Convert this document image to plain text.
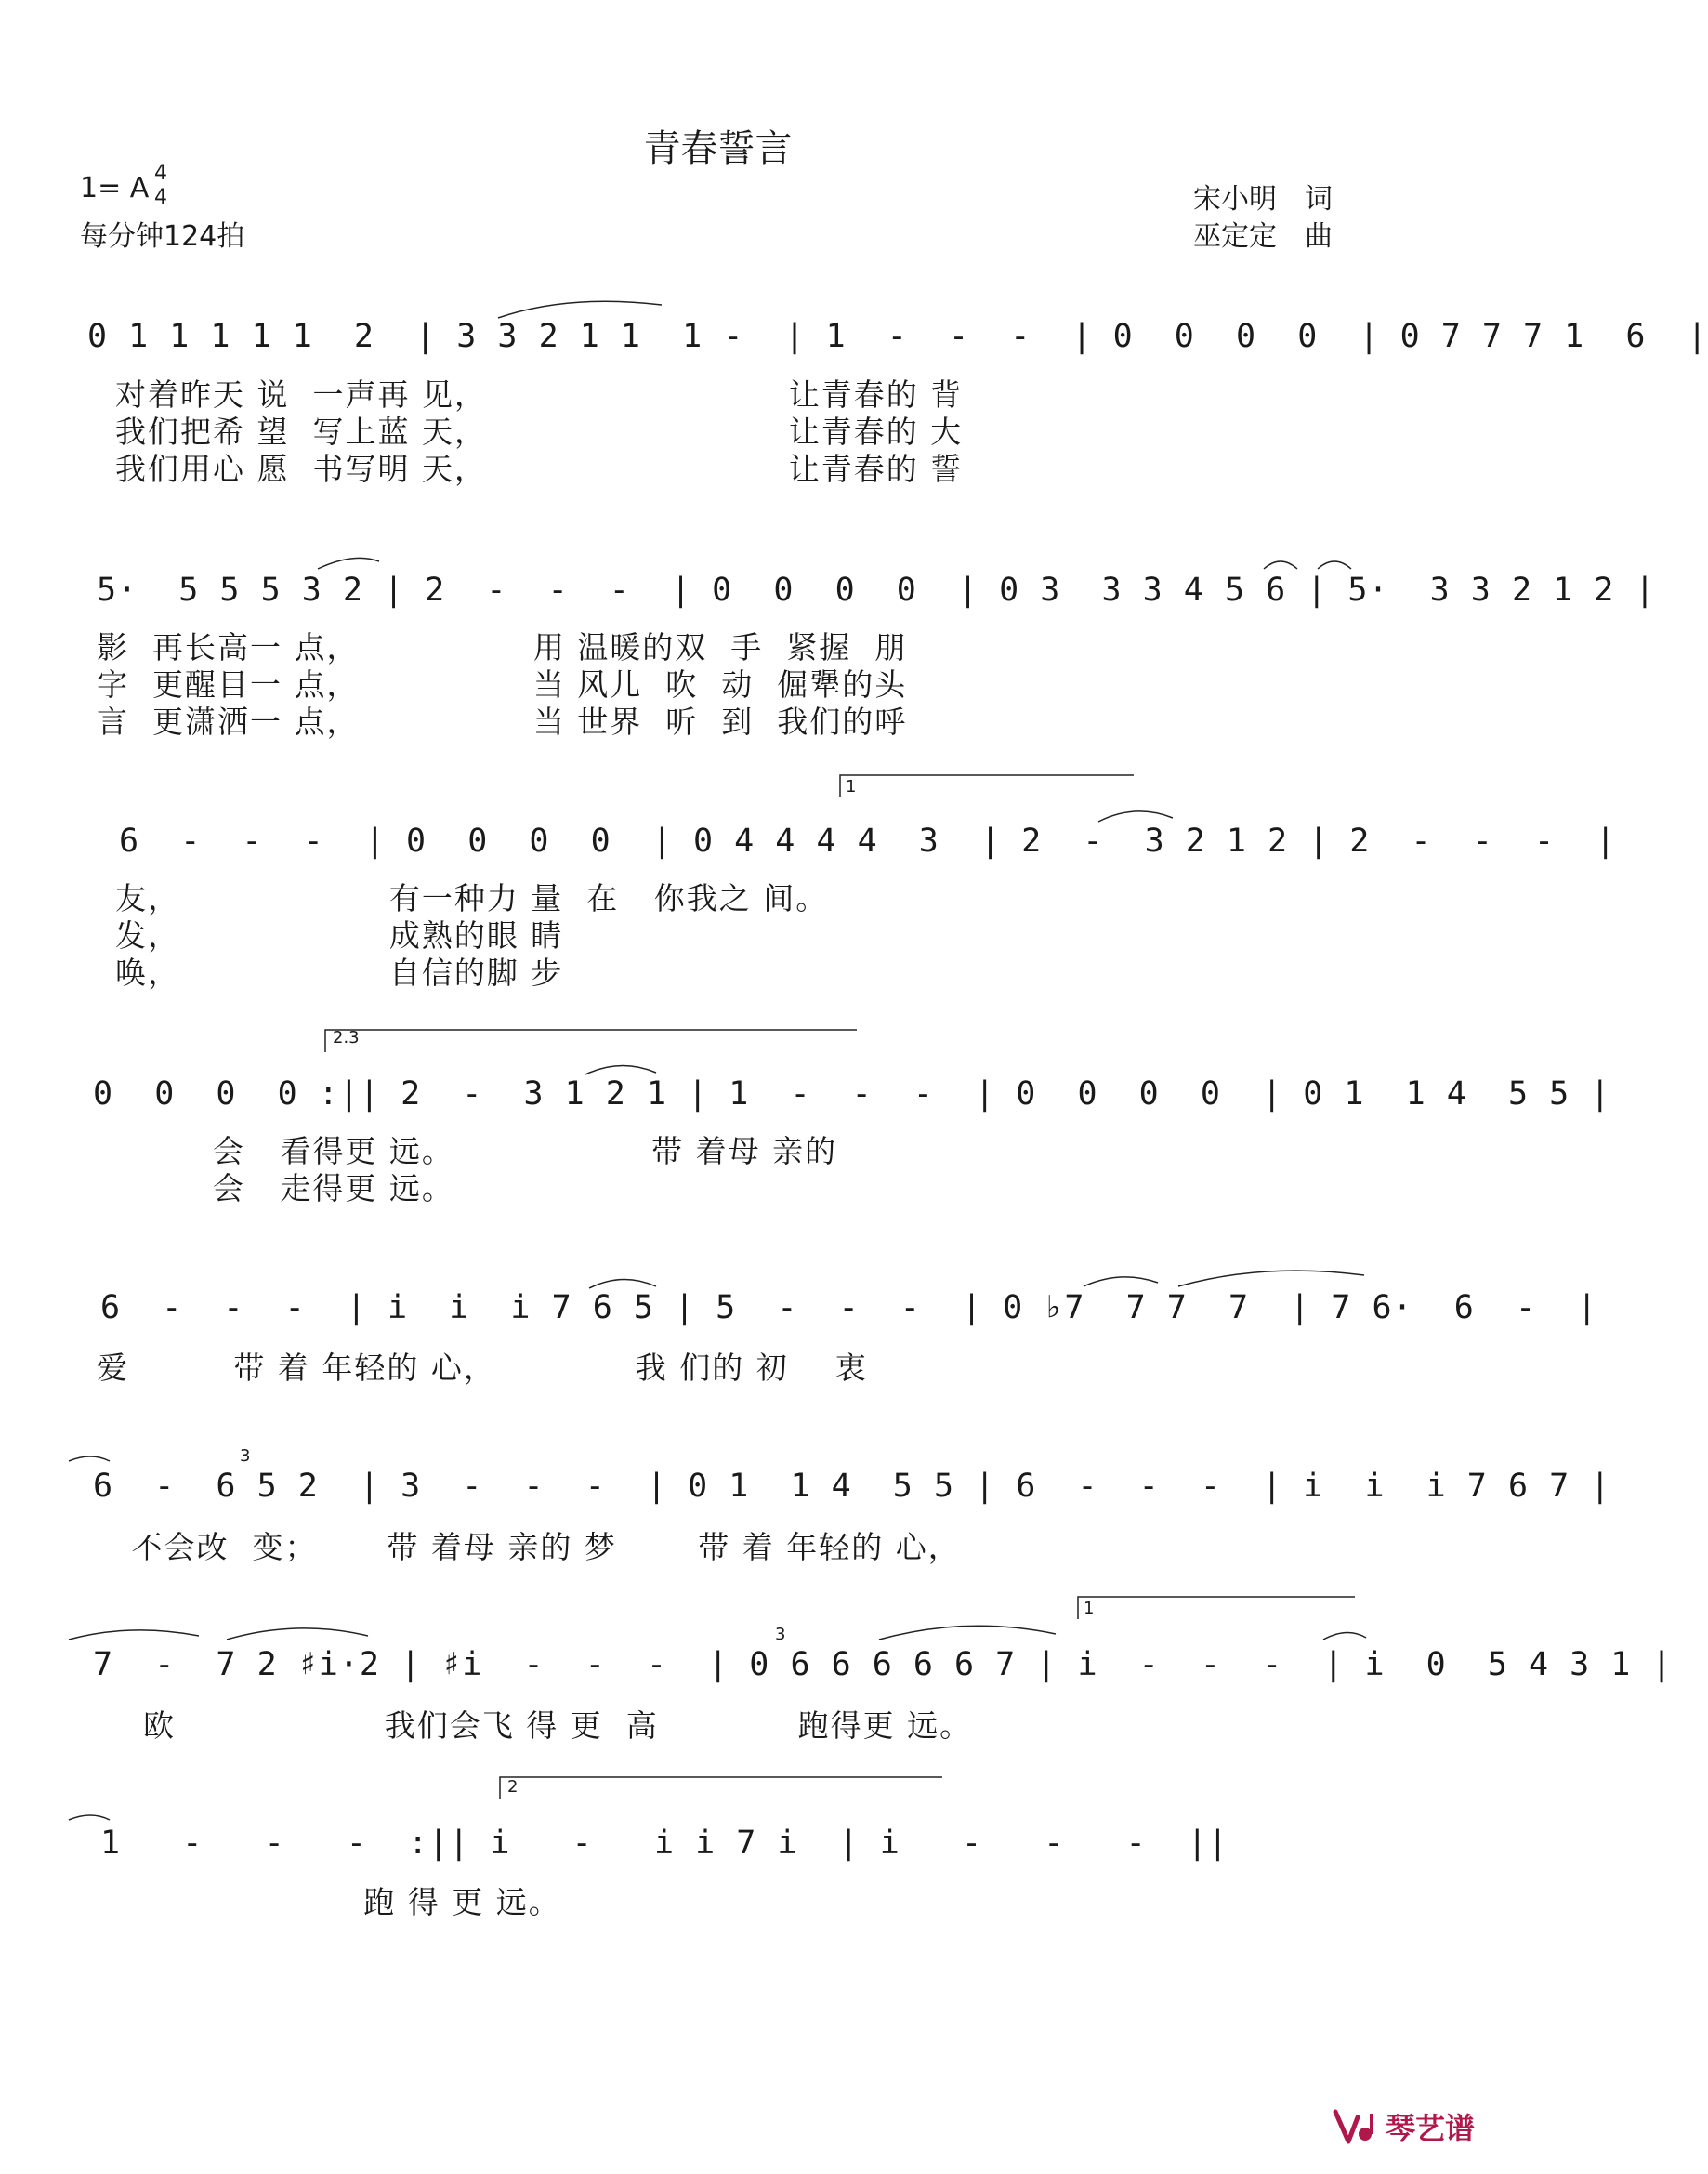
青春誓言
1= A 4
4
每分钟124拍
宋小明　词
巫定定　曲
0 1 1 1 1 1  2  | 3 3 2 1 1  1 -  | 1  -  -  -  | 0  0  0  0  | 0 7 7 7 1  6  |
对着昨天 说  一声再 见，                          让青春的 背
我们把希 望  写上蓝 天，                          让青春的 大
我们用心 愿  书写明 天，                          让青春的 誓
5·  5 5 5 3 2 | 2  -  -  -  | 0  0  0  0  | 0 3  3 3 4 5 6 | 5·  3 3 2 1 2 |
影  再长高一 点，               用 温暖的双  手  紧握  朋
字  更醒目一 点，               当 风儿  吹  动  倔犟的头
言  更潇洒一 点，               当 世界  听  到  我们的呼
6  -  -  -  | 0  0  0  0  | 0 4 4 4 4  3  | 2  -  3 2 1 2 | 2  -  -  -  |
友，                  有一种力 量  在   你我之 间。
发，                  成熟的眼 睛
唤，                  自信的脚 步
0  0  0  0 :|| 2  -  3 1 2 1 | 1  -  -  -  | 0  0  0  0  | 0 1  1 4  5 5 |
会   看得更 远。                 带 着母 亲的
会   走得更 远。
6  -  -  -  | i  i  i 7 6 5 | 5  -  -  -  | 0 ♭7  7 7  7  | 7 6·  6  -  |
爱         带 着 年轻的 心，            我 们的 初    衷
6  -  6 5 2  | 3  -  -  -  | 0 1  1 4  5 5 | 6  -  -  -  | i  i  i 7 6 7 |
不会改  变；      带 着母 亲的 梦       带 着 年轻的 心，
7  -  7 2 ♯i·2 | ♯i  -  -  -  | 0 6 6 6 6 6 7 | i  -  -  -  | i  0  5 4 3 1 |
欧                  我们会飞 得 更  高            跑得更 远。
1   -   -   -  :|| i   -   i i 7 i  | i   -   -   -  ||
跑 得 更 远。
1
2.3
1
2
3
3
琴艺谱
